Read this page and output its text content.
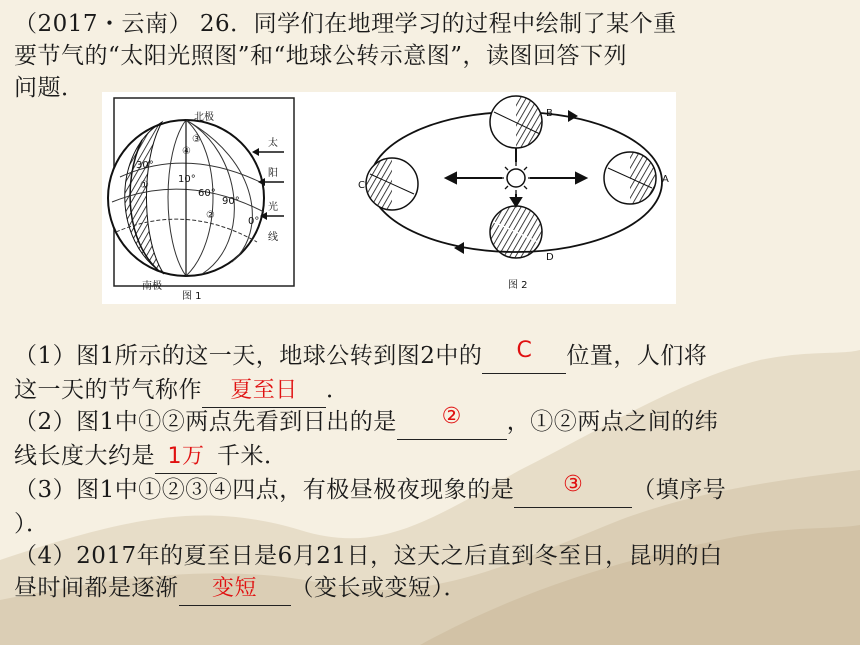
（2017・云南） 26．同学们在地理学习的过程中绘制了某个重
要节气的“太阳光照图”和“地球公转示意图”，读图回答下列
问题．
北极
南极
30°
10°
60°
90°
0°
①
②
③
④
太
阳
光
线
图 1
B
C
A
D
图 2
（1）图1所示的这一天，地球公转到图2中的 C 位置，人们将
这一天的节气称作 夏至日 ．
（2）图1中①②两点先看到日出的是 ② ，①②两点之间的纬
线长度大约是 1万 千米．
（3）图1中①②③④四点，有极昼极夜现象的是 ③ （填序号
）．
（4）2017年的夏至日是6月21日，这天之后直到冬至日，昆明的白
昼时间都是逐渐 变短 （变长或变短）．
